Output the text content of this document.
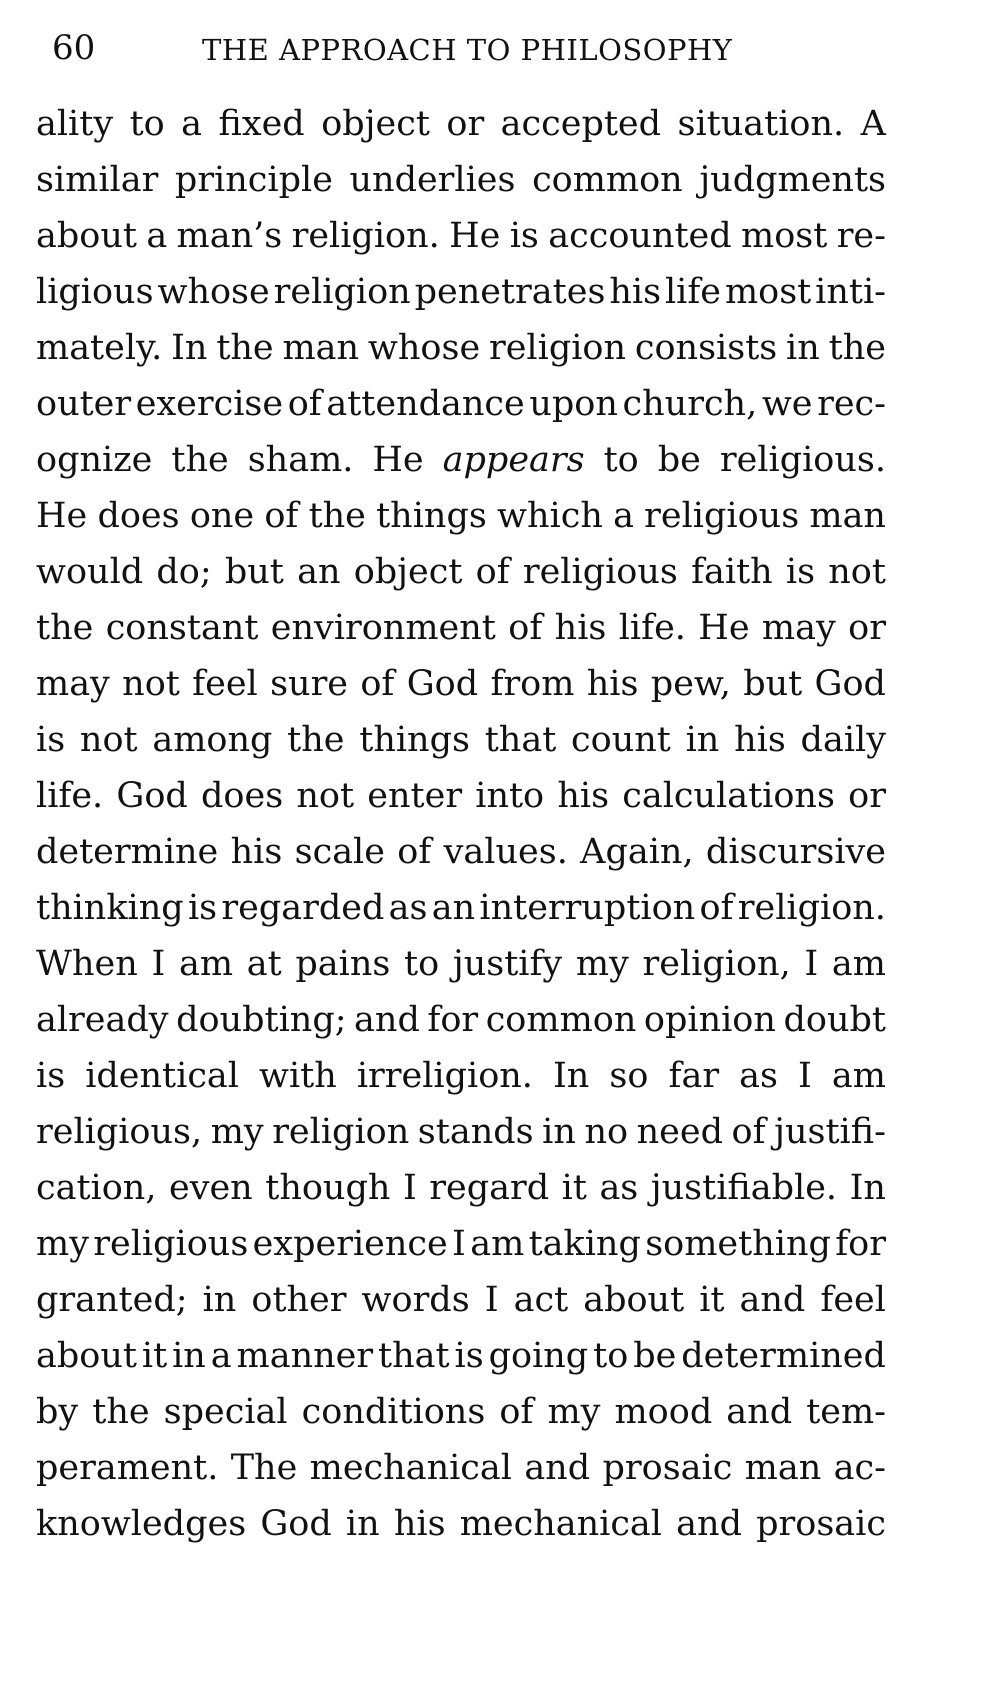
60	THE APPROACH TO PHILOSOPHY
ality to a fixed object or accepted situation. A
similar principle underlies common judgments
about a man’s religion. He is accounted most re-
ligious whose religion penetrates his life most inti-
mately. In the man whose religion consists in the
outer exercise of attendance upon church, we rec-
ognize the sham. He appears to be religious.
He does one of the things which a religious man
would do; but an object of religious faith is not
the constant environment of his life. He may or
may not feel sure of God from his pew, but God
is not among the things that count in his daily
life. God does not enter into his calculations or
determine his scale of values. Again, discursive
thinking is regarded as an interruption of religion.
When I am at pains to justify my religion, I am
already doubting; and for common opinion doubt
is identical with irreligion. In so far as I am
religious, my religion stands in no need of justifi-
cation, even though I regard it as justifiable. In
my religious experience I am taking something for
granted; in other words I act about it and feel
about it in a manner that is going to be determined
by the special conditions of my mood and tem-
perament. The mechanical and prosaic man ac-
knowledges God in his mechanical and prosaic
